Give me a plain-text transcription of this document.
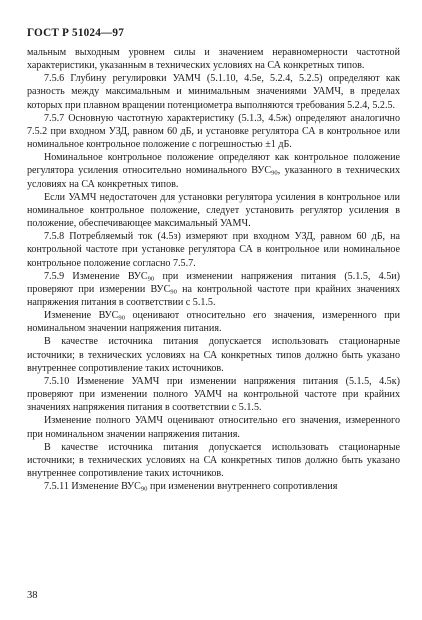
ГОСТ Р 51024—97

мальным выходным уровнем силы и значением неравномерности частотной характеристики, указанным в технических условиях на СА конкретных типов.

7.5.6 Глубину регулировки УАМЧ (5.1.10, 4.5е, 5.2.4, 5.2.5) определяют как разность между максимальным и минимальным значениями УАМЧ, в пределах которых при плавном вращении потенциометра выполняются требования 5.2.4, 5.2.5.

7.5.7 Основную частотную характеристику (5.1.3, 4.5ж) определяют аналогично 7.5.2 при входном УЗД, равном 60 дБ, и установке регулятора СА в контрольное или номинальное контрольное положение с погрешностью ±1 дБ.

Номинальное контрольное положение определяют как контрольное положение регулятора усиления относительно номинального $ВУС_{90}$, указанного в технических условиях на СА конкретных типов.

Если УАМЧ недостаточен для установки регулятора усиления в контрольное или номинальное контрольное положение, следует установить регулятор усиления в положение, обеспечивающее максимальный УАМЧ.

7.5.8 Потребляемый ток (4.5з) измеряют при входном УЗД, равном 60 дБ, на контрольной частоте при установке регулятора СА в контрольное или номинальное контрольное положение согласно 7.5.7.

7.5.9 Изменение $ВУС_{90}$ при изменении напряжения питания (5.1.5, 4.5и) проверяют при измерении $ВУС_{90}$ на контрольной частоте при крайних значениях напряжения питания в соответствии с 5.1.5.

Изменение $ВУС_{90}$ оценивают относительно его значения, измеренного при номинальном значении напряжения питания.

В качестве источника питания допускается использовать стационарные источники; в технических условиях на СА конкретных типов должно быть указано внутреннее сопротивление таких источников.

7.5.10 Изменение УАМЧ при изменении напряжения питания (5.1.5, 4.5к) проверяют при изменении полного УАМЧ на контрольной частоте при крайних значениях напряжения питания в соответствии с 5.1.5.

Изменение полного УАМЧ оценивают относительно его значения, измеренного при номинальном значении напряжения питания.

В качестве источника питания допускается использовать стационарные источники; в технических условиях на СА конкретных типов должно быть указано внутреннее сопротивление таких источников.

7.5.11 Изменение $ВУС_{90}$ при изменении внутреннего сопротивления

38
